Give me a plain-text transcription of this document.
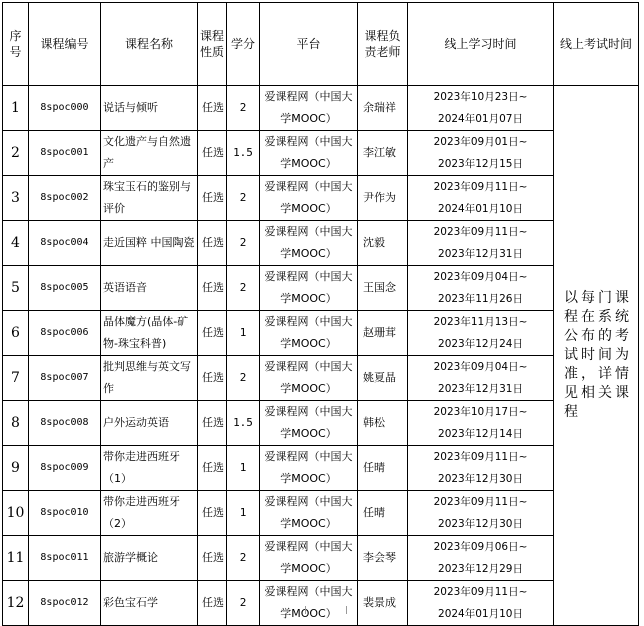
序号	课程编号	课程名称	课程性质	学分	平台	课程负责老师	线上学习时间	线上考试时间
1	8spoc000	说话与倾听	任选	2	爱课程网（中国大学MOOC）	余瑞祥	2023年10月23日~
2024年01月07日	以每门课程在系统公布的考试时间为准，详情见相关课程
2	8spoc001	文化遗产与自然遗产	任选	1.5	爱课程网（中国大学MOOC）	李江敏	2023年09月01日~
2023年12月15日	

3	8spoc002	珠宝玉石的鉴别与评价	任选	2	爱课程网（中国大学MOOC）	尹作为	2023年09月11日~
2024年01月10日	

4	8spoc004	走近国粹 中国陶瓷	任选	2	爱课程网（中国大学MOOC）	沈毅	2023年09月11日~
2023年12月31日	

5	8spoc005	英语语音	任选	2	爱课程网（中国大学MOOC）	王国念	2023年09月04日~
2023年11月26日	

6	8spoc006	晶体魔方(晶体-矿物-珠宝科普)	任选	1	爱课程网（中国大学MOOC）	赵珊茸	2023年11月13日~
2023年12月24日	

7	8spoc007	批判思维与英文写作	任选	2	爱课程网（中国大学MOOC）	姚夏晶	2023年09月04日~
2023年12月31日	

8	8spoc008	户外运动英语	任选	1.5	爱课程网（中国大学MOOC）	韩松	2023年10月17日~
2023年12月14日	

9	8spoc009	带你走进西班牙（1）	任选	1	爱课程网（中国大学MOOC）	任晴	2023年09月11日~
2023年12月30日	

10	8spoc010	带你走进西班牙（2）	任选	1	爱课程网（中国大学MOOC）	任晴	2023年09月11日~
2023年12月30日	

11	8spoc011	旅游学概论	任选	2	爱课程网（中国大学MOOC）	李会琴	2023年09月06日~
2023年12月29日	

12	8spoc012	彩色宝石学	任选	2	爱课程网（中国大学MOOC）	裴景成	2023年09月11日~
2024年01月10日	
